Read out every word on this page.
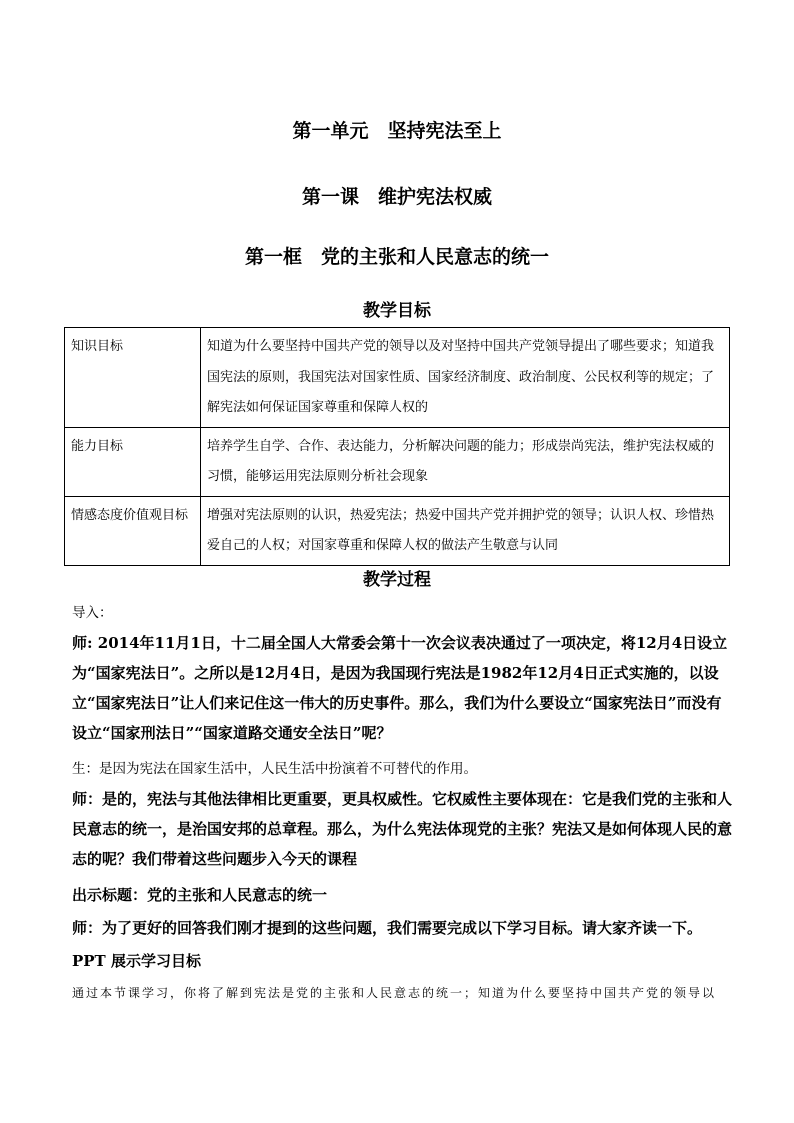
第一单元　坚持宪法至上
第一课　维护宪法权威
第一框　党的主张和人民意志的统一
教学目标
知识目标	知道为什么要坚持中国共产党的领导以及对坚持中国共产党领导提出了哪些要求；知道我国宪法的原则，我国宪法对国家性质、国家经济制度、政治制度、公民权利等的规定；了解宪法如何保证国家尊重和保障人权的
能力目标	培养学生自学、合作、表达能力，分析解决问题的能力；形成崇尚宪法，维护宪法权威的习惯，能够运用宪法原则分析社会现象
情感态度价值观目标	增强对宪法原则的认识，热爱宪法；热爱中国共产党并拥护党的领导；认识人权、珍惜热爱自己的人权；对国家尊重和保障人权的做法产生敬意与认同
教学过程
导入：
师: 2014年11月1日，十二届全国人大常委会第十一次会议表决通过了一项决定，将12月4日设立为“国家宪法日”。之所以是12月4日，是因为我国现行宪法是1982年12月4日正式实施的，以设立“国家宪法日”让人们来记住这一伟大的历史事件。那么，我们为什么要设立“国家宪法日”而没有设立“国家刑法日”“国家道路交通安全法日”呢？
生：是因为宪法在国家生活中，人民生活中扮演着不可替代的作用。
师：是的，宪法与其他法律相比更重要，更具权威性。它权威性主要体现在：它是我们党的主张和人民意志的统一，是治国安邦的总章程。那么，为什么宪法体现党的主张？宪法又是如何体现人民的意志的呢？我们带着这些问题步入今天的课程
出示标题：党的主张和人民意志的统一
师：为了更好的回答我们刚才提到的这些问题，我们需要完成以下学习目标。请大家齐读一下。
PPT 展示学习目标
通过本节课学习，你将了解到宪法是党的主张和人民意志的统一；知道为什么要坚持中国共产党的领导以
